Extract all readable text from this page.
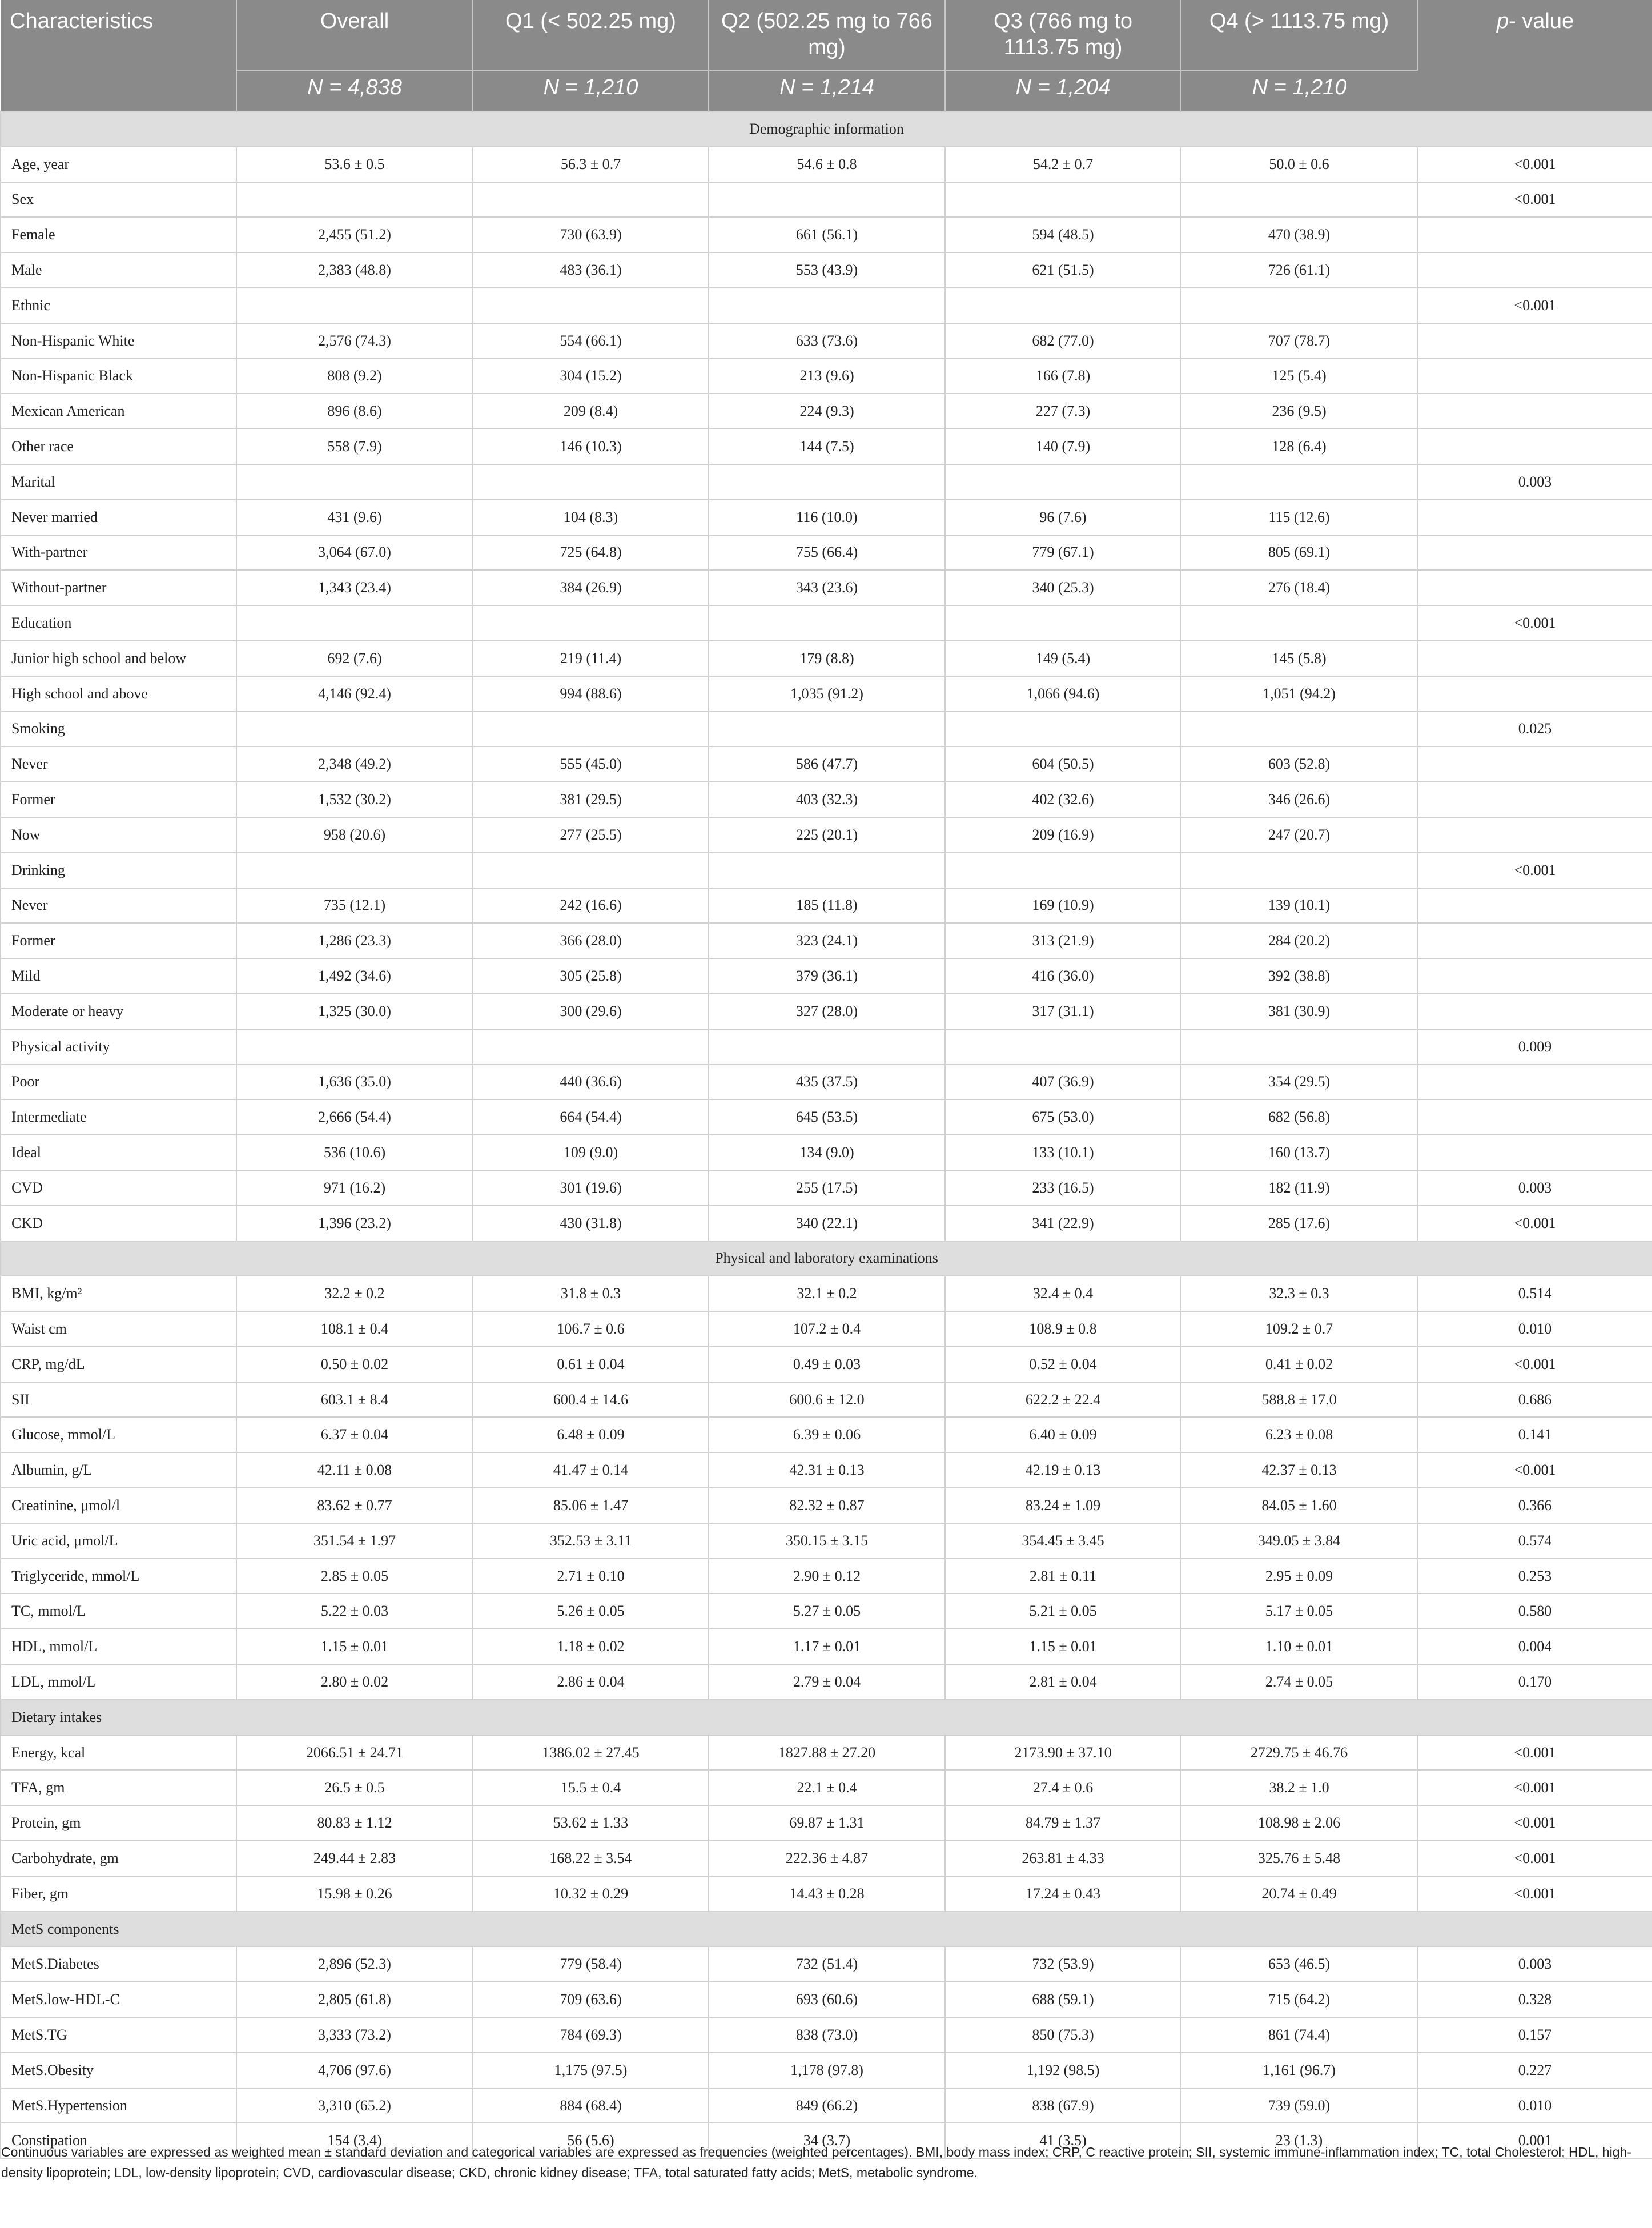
Characteristics	Overall	Q1 (< 502.25 mg)	Q2 (502.25 mg to 766 mg)	Q3 (766 mg to 1113.75 mg)	Q4 (> 1113.75 mg)	p- value
	N = 4,838	N = 1,210	N = 1,214	N = 1,204	N = 1,210	
Demographic information						
Age, year	53.6 ± 0.5	56.3 ± 0.7	54.6 ± 0.8	54.2 ± 0.7	50.0 ± 0.6	<0.001
Sex						<0.001
Female	2,455 (51.2)	730 (63.9)	661 (56.1)	594 (48.5)	470 (38.9)	
Male	2,383 (48.8)	483 (36.1)	553 (43.9)	621 (51.5)	726 (61.1)	
Ethnic						<0.001
Non-Hispanic White	2,576 (74.3)	554 (66.1)	633 (73.6)	682 (77.0)	707 (78.7)	
Non-Hispanic Black	808 (9.2)	304 (15.2)	213 (9.6)	166 (7.8)	125 (5.4)	
Mexican American	896 (8.6)	209 (8.4)	224 (9.3)	227 (7.3)	236 (9.5)	
Other race	558 (7.9)	146 (10.3)	144 (7.5)	140 (7.9)	128 (6.4)	
Marital						0.003
Never married	431 (9.6)	104 (8.3)	116 (10.0)	96 (7.6)	115 (12.6)	
With-partner	3,064 (67.0)	725 (64.8)	755 (66.4)	779 (67.1)	805 (69.1)	
Without-partner	1,343 (23.4)	384 (26.9)	343 (23.6)	340 (25.3)	276 (18.4)	
Education						<0.001
Junior high school and below	692 (7.6)	219 (11.4)	179 (8.8)	149 (5.4)	145 (5.8)	
High school and above	4,146 (92.4)	994 (88.6)	1,035 (91.2)	1,066 (94.6)	1,051 (94.2)	
Smoking						0.025
Never	2,348 (49.2)	555 (45.0)	586 (47.7)	604 (50.5)	603 (52.8)	
Former	1,532 (30.2)	381 (29.5)	403 (32.3)	402 (32.6)	346 (26.6)	
Now	958 (20.6)	277 (25.5)	225 (20.1)	209 (16.9)	247 (20.7)	
Drinking						<0.001
Never	735 (12.1)	242 (16.6)	185 (11.8)	169 (10.9)	139 (10.1)	
Former	1,286 (23.3)	366 (28.0)	323 (24.1)	313 (21.9)	284 (20.2)	
Mild	1,492 (34.6)	305 (25.8)	379 (36.1)	416 (36.0)	392 (38.8)	
Moderate or heavy	1,325 (30.0)	300 (29.6)	327 (28.0)	317 (31.1)	381 (30.9)	
Physical activity						0.009
Poor	1,636 (35.0)	440 (36.6)	435 (37.5)	407 (36.9)	354 (29.5)	
Intermediate	2,666 (54.4)	664 (54.4)	645 (53.5)	675 (53.0)	682 (56.8)	
Ideal	536 (10.6)	109 (9.0)	134 (9.0)	133 (10.1)	160 (13.7)	
CVD	971 (16.2)	301 (19.6)	255 (17.5)	233 (16.5)	182 (11.9)	0.003
CKD	1,396 (23.2)	430 (31.8)	340 (22.1)	341 (22.9)	285 (17.6)	<0.001
Physical and laboratory examinations						
BMI, kg/m²	32.2 ± 0.2	31.8 ± 0.3	32.1 ± 0.2	32.4 ± 0.4	32.3 ± 0.3	0.514
Waist cm	108.1 ± 0.4	106.7 ± 0.6	107.2 ± 0.4	108.9 ± 0.8	109.2 ± 0.7	0.010
CRP, mg/dL	0.50 ± 0.02	0.61 ± 0.04	0.49 ± 0.03	0.52 ± 0.04	0.41 ± 0.02	<0.001
SII	603.1 ± 8.4	600.4 ± 14.6	600.6 ± 12.0	622.2 ± 22.4	588.8 ± 17.0	0.686
Glucose, mmol/L	6.37 ± 0.04	6.48 ± 0.09	6.39 ± 0.06	6.40 ± 0.09	6.23 ± 0.08	0.141
Albumin, g/L	42.11 ± 0.08	41.47 ± 0.14	42.31 ± 0.13	42.19 ± 0.13	42.37 ± 0.13	<0.001
Creatinine, μmol/l	83.62 ± 0.77	85.06 ± 1.47	82.32 ± 0.87	83.24 ± 1.09	84.05 ± 1.60	0.366
Uric acid, μmol/L	351.54 ± 1.97	352.53 ± 3.11	350.15 ± 3.15	354.45 ± 3.45	349.05 ± 3.84	0.574
Triglyceride, mmol/L	2.85 ± 0.05	2.71 ± 0.10	2.90 ± 0.12	2.81 ± 0.11	2.95 ± 0.09	0.253
TC, mmol/L	5.22 ± 0.03	5.26 ± 0.05	5.27 ± 0.05	5.21 ± 0.05	5.17 ± 0.05	0.580
HDL, mmol/L	1.15 ± 0.01	1.18 ± 0.02	1.17 ± 0.01	1.15 ± 0.01	1.10 ± 0.01	0.004
LDL, mmol/L	2.80 ± 0.02	2.86 ± 0.04	2.79 ± 0.04	2.81 ± 0.04	2.74 ± 0.05	0.170
Dietary intakes						
Energy, kcal	2066.51 ± 24.71	1386.02 ± 27.45	1827.88 ± 27.20	2173.90 ± 37.10	2729.75 ± 46.76	<0.001
TFA, gm	26.5 ± 0.5	15.5 ± 0.4	22.1 ± 0.4	27.4 ± 0.6	38.2 ± 1.0	<0.001
Protein, gm	80.83 ± 1.12	53.62 ± 1.33	69.87 ± 1.31	84.79 ± 1.37	108.98 ± 2.06	<0.001
Carbohydrate, gm	249.44 ± 2.83	168.22 ± 3.54	222.36 ± 4.87	263.81 ± 4.33	325.76 ± 5.48	<0.001
Fiber, gm	15.98 ± 0.26	10.32 ± 0.29	14.43 ± 0.28	17.24 ± 0.43	20.74 ± 0.49	<0.001
MetS components						
MetS.Diabetes	2,896 (52.3)	779 (58.4)	732 (51.4)	732 (53.9)	653 (46.5)	0.003
MetS.low-HDL-C	2,805 (61.8)	709 (63.6)	693 (60.6)	688 (59.1)	715 (64.2)	0.328
MetS.TG	3,333 (73.2)	784 (69.3)	838 (73.0)	850 (75.3)	861 (74.4)	0.157
MetS.Obesity	4,706 (97.6)	1,175 (97.5)	1,178 (97.8)	1,192 (98.5)	1,161 (96.7)	0.227
MetS.Hypertension	3,310 (65.2)	884 (68.4)	849 (66.2)	838 (67.9)	739 (59.0)	0.010
Constipation	154 (3.4)	56 (5.6)	34 (3.7)	41 (3.5)	23 (1.3)	0.001
Continuous variables are expressed as weighted mean ± standard deviation and categorical variables are expressed as frequencies (weighted percentages). BMI, body mass index; CRP, C reactive protein; SII, systemic immune-inflammation index; TC, total Cholesterol; HDL, high-density lipoprotein; LDL, low-density lipoprotein; CVD, cardiovascular disease; CKD, chronic kidney disease; TFA, total saturated fatty acids; MetS, metabolic syndrome.
